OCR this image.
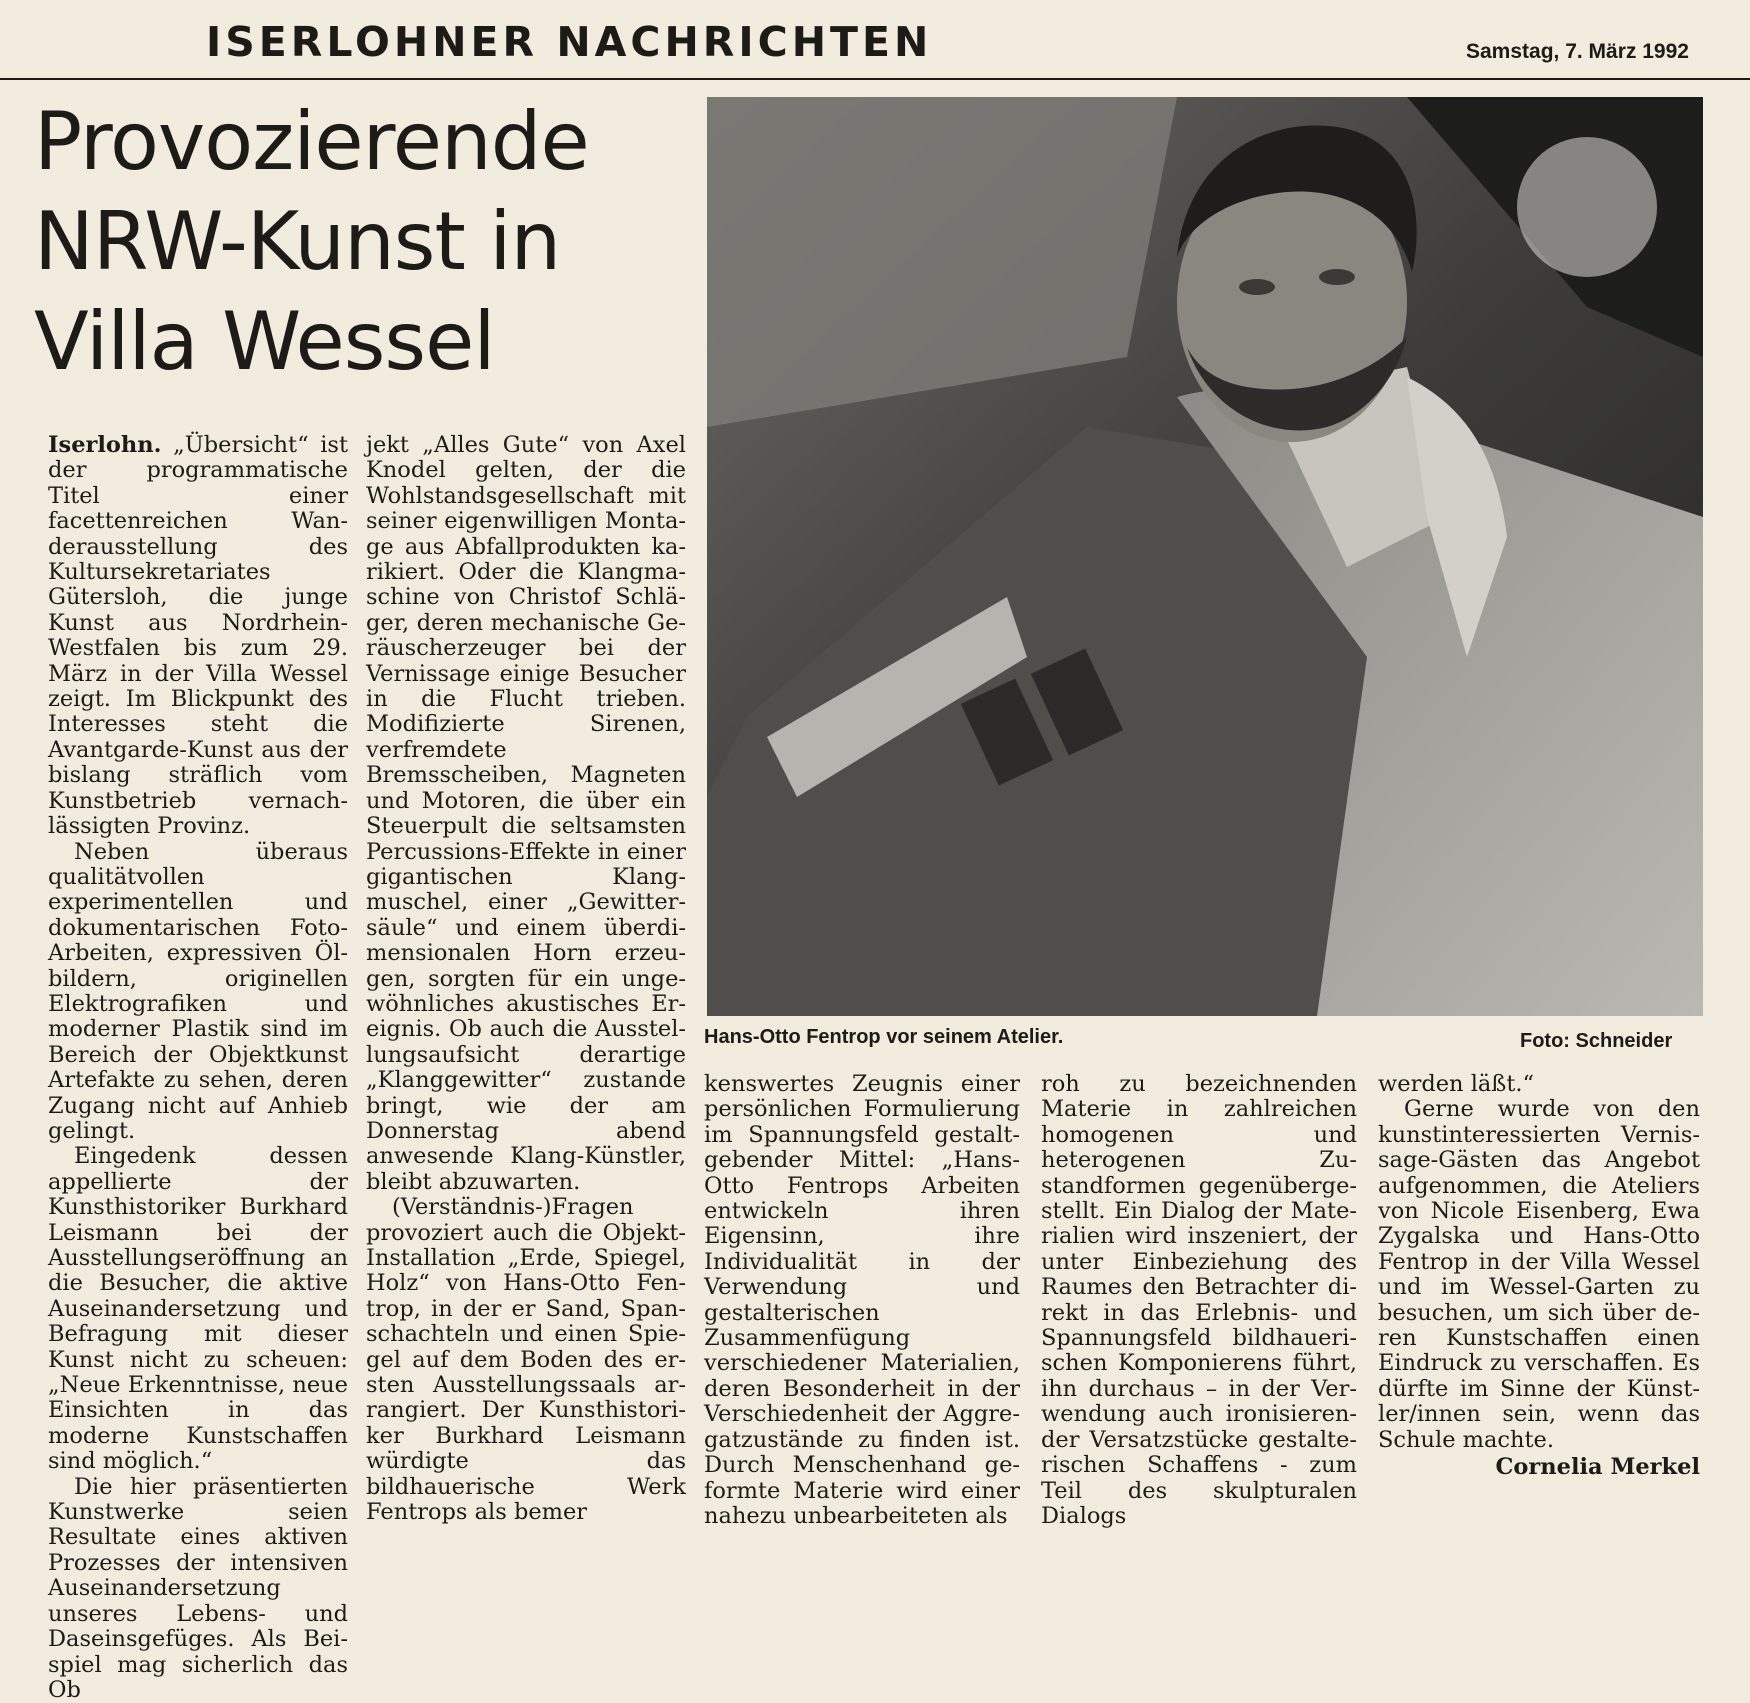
ISERLOHNER NACHRICHTEN	Samstag, 7. März 1992
Provozierende
NRW-Kunst in
Villa Wessel

Iserlohn. „Übersicht“ ist der programmatische Titel einer facettenreichen Wanderausstellung des Kultursekretariates Gütersloh, die junge Kunst aus Nordrhein-Westfalen bis zum 29. März in der Villa Wessel zeigt. Im Blickpunkt des Interesses steht die Avantgarde-Kunst aus der bislang sträflich vom Kunstbetrieb vernachlässigten Provinz.

Neben überaus qualitätvollen experimentellen und dokumentarischen Foto-Arbeiten, expressiven Ölbildern, originellen Elektrografiken und moderner Plastik sind im Bereich der Objektkunst Artefakte zu sehen, deren Zugang nicht auf Anhieb gelingt.

Eingedenk dessen appellierte der Kunsthistoriker Burkhard Leismann bei der Ausstellungseröffnung an die Besucher, die aktive Auseinandersetzung und Befragung mit dieser Kunst nicht zu scheuen: „Neue Erkenntnisse, neue Einsichten in das moderne Kunstschaffen sind möglich.“

Die hier präsentierten Kunstwerke seien Resultate eines aktiven Prozesses der intensiven Auseinandersetzung unseres Lebens- und Daseinsgefüges. Als Beispiel mag sicherlich das Ob

jekt „Alles Gute“ von Axel Knodel gelten, der die Wohlstandsgesellschaft mit seiner eigenwilligen Montage aus Abfallprodukten karikiert. Oder die Klangmaschine von Christof Schläger, deren mechanische Geräuscherzeuger bei der Vernissage einige Besucher in die Flucht trieben. Modifizierte Sirenen, verfremdete Bremsscheiben, Magneten und Motoren, die über ein Steuerpult die seltsamsten Percussions-Effekte in einer gigantischen Klangmuschel, einer „Gewittersäule“ und einem überdimensionalen Horn erzeugen, sorgten für ein ungewöhnliches akustisches Ereignis. Ob auch die Ausstellungsaufsicht derartige „Klanggewitter“ zustande bringt, wie der am Donnerstag abend anwesende Klang-Künstler, bleibt abzuwarten.

(Verständnis-)Fragen provoziert auch die Objekt-Installation „Erde, Spiegel, Holz“ von Hans-Otto Fentrop, in der er Sand, Spanschachteln und einen Spiegel auf dem Boden des ersten Ausstellungssaals arrangiert. Der Kunsthistoriker Burkhard Leismann würdigte das bildhauerische Werk Fentrops als bemer

Hans-Otto Fentrop vor seinem Atelier.	Foto: Schneider

kenswertes Zeugnis einer persönlichen Formulierung im Spannungsfeld gestaltgebender Mittel: „Hans-Otto Fentrops Arbeiten entwickeln ihren Eigensinn, ihre Individualität in der Verwendung und gestalterischen Zusammenfügung verschiedener Materialien, deren Besonderheit in der Verschiedenheit der Aggregatzustände zu finden ist. Durch Menschenhand geformte Materie wird einer nahezu unbearbeiteten als

roh zu bezeichnenden Materie in zahlreichen homogenen und heterogenen Zustandformen gegenübergestellt. Ein Dialog der Materialien wird inszeniert, der unter Einbeziehung des Raumes den Betrachter direkt in das Erlebnis- und Spannungsfeld bildhauerischen Komponierens führt, ihn durchaus – in der Verwendung auch ironisierender Versatzstücke gestalterischen Schaffens - zum Teil des skulpturalen Dialogs

werden läßt.“

Gerne wurde von den kunstinteressierten Vernissage-Gästen das Angebot aufgenommen, die Ateliers von Nicole Eisenberg, Ewa Zygalska und Hans-Otto Fentrop in der Villa Wessel und im Wessel-Garten zu besuchen, um sich über deren Kunstschaffen einen Eindruck zu verschaffen. Es dürfte im Sinne der Künstler/innen sein, wenn das Schule machte.

Cornelia Merkel
